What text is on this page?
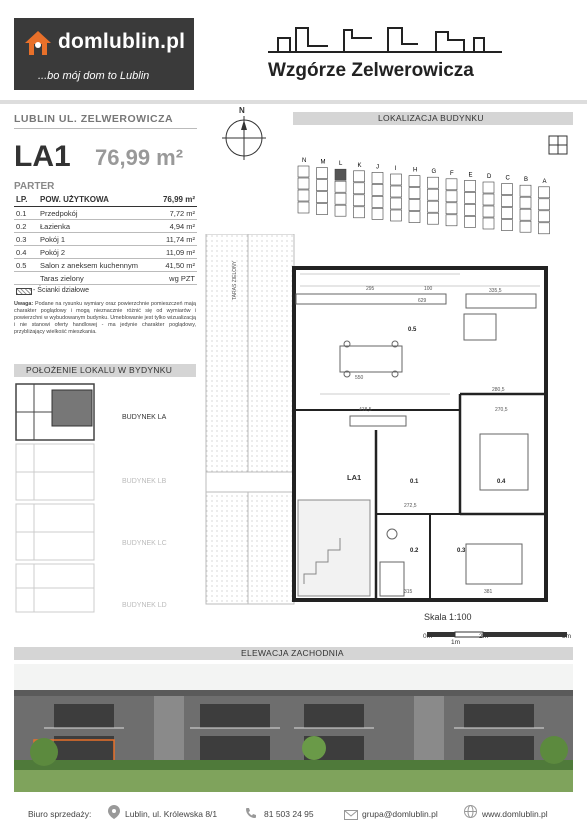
domlublin.pl
...bo mój dom to Lublin	Wzgórze Zelwerowicza
LUBLIN UL. ZELWEROWICZA
LA1 76,99 m²
PARTER
LP.	POW. UŻYTKOWA	76,99 m²
0.1	Przedpokój	7,72 m²
0.2	Łazienka	4,94 m²
0.3	Pokój 1	11,74 m²
0.4	Pokój 2	11,09 m²
0.5	Salon z aneksem kuchennym	41,50 m²
	Taras zielony	wg PZT
- Ścianki działowe
Uwaga: Podane na rysunku wymiary oraz powierzchnie pomieszczeń mają charakter poglądowy i mogą nieznacznie różnić się od wymiarów i powierzchni w wybudowanym budynku. Umeblowanie jest tylko wizualizacją i nie stanowi oferty handlowej - ma jedynie charakter poglądowy, przybliżający wielkość mieszkania.
POŁOŻENIE LOKALU W BYDYNKU
BUDYNEK LA
BUDYNEK LB
BUDYNEK LC
BUDYNEK LD
N
LOKALIZACJA BUDYNKU
N M L	K J	I	H G F E D C B A
TARAS ZIELONY	295	100
629
335,5
550
418,5
280,5
270,5
272,5
381
315
0.5
0.4
0.1
0.2	0.3
LA1
Skala 1:100
0m
1m
2m	5m
ELEWACJA ZACHODNIA
Biuro sprzedaży:	Lublin, ul. Królewska 8/1	81 503 24 95	grupa@domlublin.pl	www.domlublin.pl
